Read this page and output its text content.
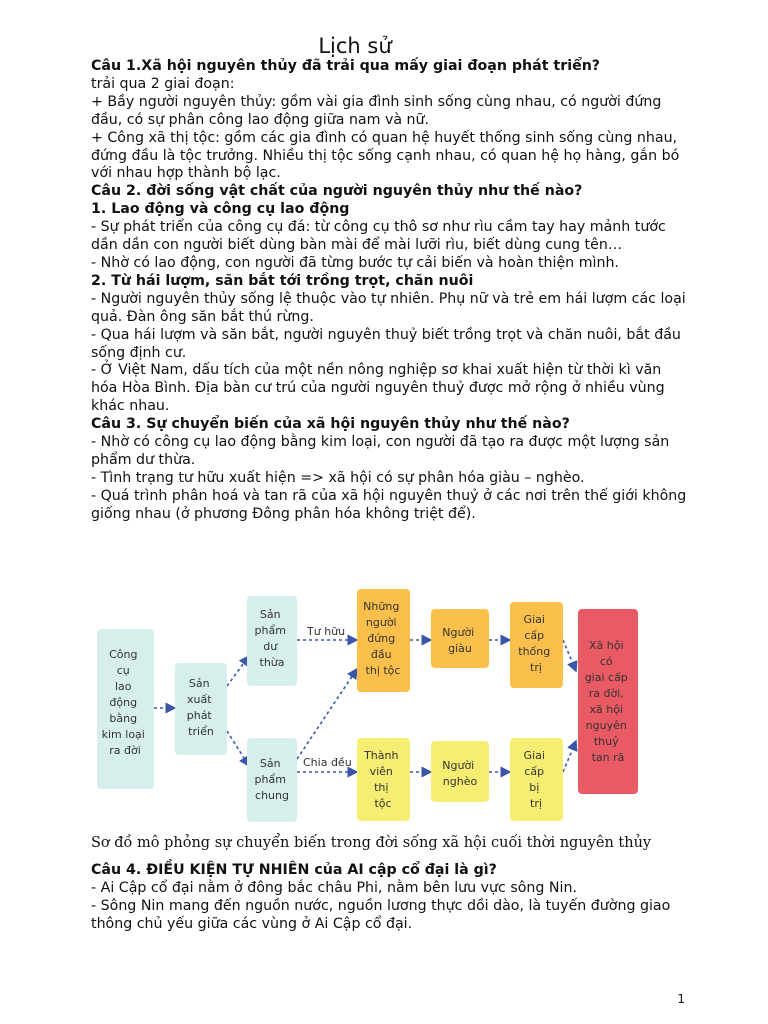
Lịch sử

Câu 1.Xã hội nguyên thủy đã trải qua mấy giai đoạn phát triển?

trải qua 2 giai đoạn:

+ Bầy người nguyên thủy: gồm vài gia đình sinh sống cùng nhau, có người đứng đầu, có sự phân công lao động giữa nam và nữ.

+ Công xã thị tộc: gồm các gia đình có quan hệ huyết thống sinh sống cùng nhau, đứng đầu là tộc trưởng. Nhiều thị tộc sống cạnh nhau, có quan hệ họ hàng, gắn bó với nhau hợp thành bộ lạc.

Câu 2. đời sống vật chất của người nguyên thủy như thế nào?

1. Lao động và công cụ lao động

- Sự phát triển của công cụ đá: từ công cụ thô sơ như rìu cầm tay hay mảnh tước dần dần con người biết dùng bàn mài để mài lưỡi rìu, biết dùng cung tên…

- Nhờ có lao động, con người đã từng bước tự cải biến và hoàn thiện mình.

2. Từ hái lượm, săn bắt tới trồng trọt, chăn nuôi

- Người nguyên thủy sống lệ thuộc vào tự nhiên. Phụ nữ và trẻ em hái lượm các loại quả. Đàn ông săn bắt thú rừng.

- Qua hái lượm và săn bắt, người nguyên thuỷ biết trồng trọt và chăn nuôi, bắt đầu sống định cư.

- Ở Việt Nam, dấu tích của một nền nông nghiệp sơ khai xuất hiện từ thời kì văn hóa Hòa Bình. Địa bàn cư trú của người nguyên thuỷ được mở rộng ở nhiều vùng khác nhau.

Câu 3. Sự chuyển biến của xã hội nguyên thủy như thế nào?

- Nhờ có công cụ lao động bằng kim loại, con người đã tạo ra được một lượng sản phẩm dư thừa.

- Tình trạng tư hữu xuất hiện => xã hội có sự phân hóa giàu – nghèo.

- Quá trình phân hoá và tan rã của xã hội nguyên thuỷ ở các nơi trên thế giới không giống nhau (ở phương Đông phân hóa không triệt để).

Tư hữu
Chia đều
Công cụ lao động bằng kim loại ra đời
Sản xuất phát triển
Sản phẩm dư thừa
Sản phẩm chung
Những người đứng đầu thị tộc
Thành viên thị tộc
Người giàu
Người nghèo
Giai cấp thống trị
Giai cấp bị trị
Xã hội có giai cấp ra đời, xã hội nguyên thuỷ tan rã
Sơ đồ mô phỏng sự chuyển biến trong đời sống xã hội cuối thời nguyên thủy

Câu 4. ĐIỀU KIỆN TỰ NHIÊN của AI cập cổ đại là gì?

- Ai Cập cổ đại nằm ở đông bắc châu Phi, nằm bên lưu vực sông Nin.

- Sông Nin mang đến nguồn nước, nguồn lương thực dồi dào, là tuyến đường giao thông chủ yếu giữa các vùng ở Ai Cập cổ đại.

1
